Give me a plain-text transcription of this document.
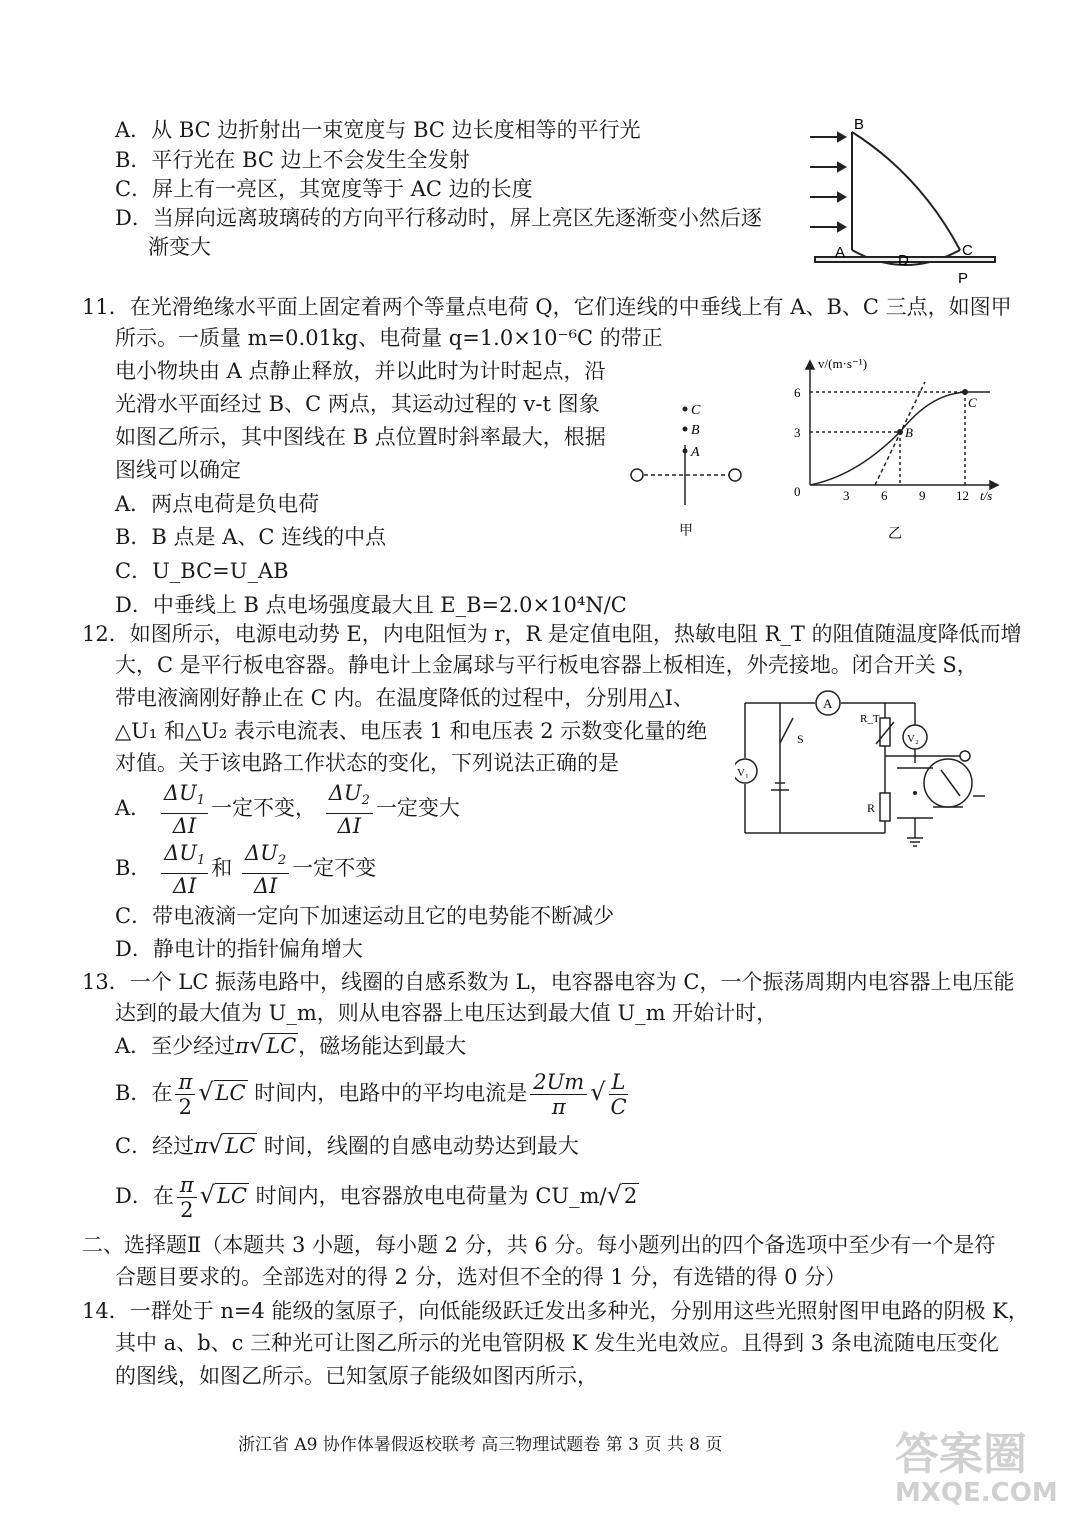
A．从 BC 边折射出一束宽度与 BC 边长度相等的平行光
B．平行光在 BC 边上不会发生全发射
C．屏上有一亮区，其宽度等于 AC 边的长度
D．当屏向远离玻璃砖的方向平行移动时，屏上亮区先逐渐变小然后逐
渐变大
B
A	D
C
P
11．在光滑绝缘水平面上固定着两个等量点电荷 Q，它们连线的中垂线上有 A、B、C 三点，如图甲
所示。一质量 m=0.01kg、电荷量 q=1.0×10⁻⁶C 的带正
电小物块由 A 点静止释放，并以此时为计时起点，沿
光滑水平面经过 B、C 两点，其运动过程的 v-t 图象
如图乙所示，其中图线在 B 点位置时斜率最大，根据
图线可以确定
A．两点电荷是负电荷
B．B 点是 A、C 连线的中点
C．U_BC=U_AB
D．中垂线上 B 点电场强度最大且 E_B=2.0×10⁴N/C
C
B
A
甲
v/(m·s⁻¹)
t/s
0	3 6 9 12
3
6
B
C
乙
12．如图所示，电源电动势 E，内电阻恒为 r，R 是定值电阻，热敏电阻 R_T 的阻值随温度降低而增
大，C 是平行板电容器。静电计上金属球与平行板电容器上板相连，外壳接地。闭合开关 S，
带电液滴刚好静止在 C 内。在温度降低的过程中，分别用△I、
△U₁ 和△U₂ 表示电流表、电压表 1 和电压表 2 示数变化量的绝
对值。关于该电路工作状态的变化，下列说法正确的是
A． $\frac{\Delta U_1}{\Delta I}$ 一定不变， $\frac{\Delta U_2}{\Delta I}$ 一定变大
B． $\frac{\Delta U_1}{\Delta I}$ 和 $\frac{\Delta U_2}{\Delta I}$ 一定不变
C．带电液滴一定向下加速运动且它的电势能不断减少
D．静电计的指针偏角增大
A
R_T
V₂
V₁
S
R
13．一个 LC 振荡电路中，线圈的自感系数为 L，电容器电容为 C，一个振荡周期内电容器上电压能
达到的最大值为 U_m，则从电容器上电压达到最大值 U_m 开始计时，
A．至少经过π√LC，磁场能达到最大
B．在 $\frac{\pi}{2} √LC$ 时间内，电路中的平均电流是 $\frac{2Um}{\pi}$ √ $\frac{L}{C}$
C．经过π√LC 时间，线圈的自感电动势达到最大
D．在 $\frac{\pi}{2} √LC$ 时间内，电容器放电电荷量为 CU_m/√2
二、选择题Ⅱ（本题共 3 小题，每小题 2 分，共 6 分。每小题列出的四个备选项中至少有一个是符
合题目要求的。全部选对的得 2 分，选对但不全的得 1 分，有选错的得 0 分）
14．一群处于 n=4 能级的氢原子，向低能级跃迁发出多种光，分别用这些光照射图甲电路的阴极 K，
其中 a、b、c 三种光可让图乙所示的光电管阴极 K 发生光电效应。且得到 3 条电流随电压变化
的图线，如图乙所示。已知氢原子能级如图丙所示，
浙江省 A9 协作体暑假返校联考 高三物理试题卷 第 3 页 共 8 页	答案圈
MXQE.COM
